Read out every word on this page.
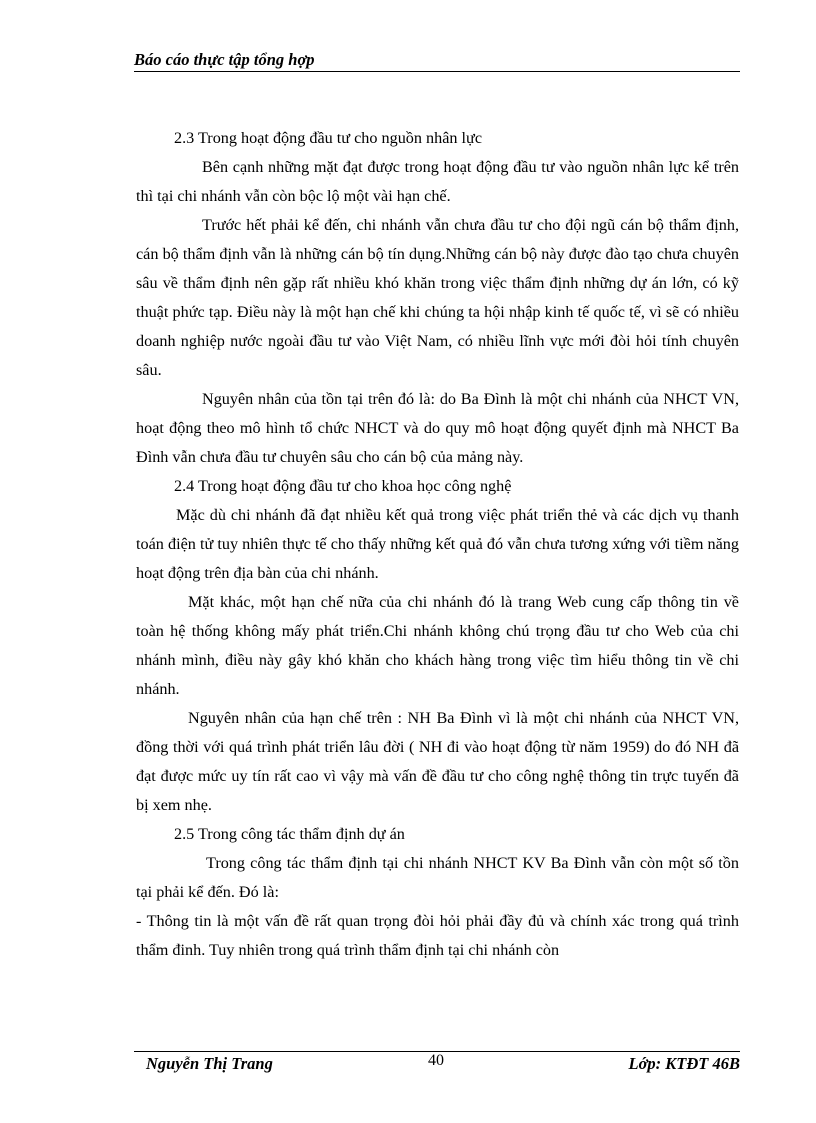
Báo cáo thực tập tổng hợp

2.3 Trong hoạt động đầu tư cho nguồn nhân lực

Bên cạnh những mặt đạt được trong hoạt động đầu tư vào nguồn nhân lực kể trên thì tại chi nhánh vẫn còn bộc lộ một vài hạn chế.

Trước hết phải kể đến, chi nhánh vẫn chưa đầu tư cho đội ngũ cán bộ thẩm định, cán bộ thẩm định vẫn là những cán bộ tín dụng.Những cán bộ này được đào tạo chưa chuyên sâu về thẩm định nên gặp rất nhiều khó khăn trong việc thẩm định những dự án lớn, có kỹ thuật phức tạp. Điều này là một hạn chế khi chúng ta hội nhập kinh tế quốc tế, vì sẽ có nhiều doanh nghiệp nước ngoài đầu tư vào Việt Nam, có nhiều lĩnh vực mới đòi hỏi tính chuyên sâu.

Nguyên nhân của tồn tại trên đó là: do Ba Đình là một chi nhánh của NHCT VN, hoạt động theo mô hình tổ chức NHCT và do quy mô hoạt động quyết định mà NHCT Ba Đình vẫn chưa đầu tư chuyên sâu cho cán bộ của mảng này.

2.4 Trong hoạt động đầu tư cho khoa học công nghệ

Mặc dù chi nhánh đã đạt nhiều kết quả trong việc phát triển thẻ và các dịch vụ thanh toán điện tử tuy nhiên thực tế cho thấy những kết quả đó vẫn chưa tương xứng với tiềm năng hoạt động trên địa bàn của chi nhánh.

Mặt khác, một hạn chế nữa của chi nhánh đó là trang Web cung cấp thông tin về toàn hệ thống không mấy phát triển.Chi nhánh không chú trọng đầu tư cho Web của chi nhánh mình, điều này gây khó khăn cho khách hàng trong việc tìm hiểu thông tin về chi nhánh.

Nguyên nhân của hạn chế trên : NH Ba Đình vì là một chi nhánh của NHCT VN, đồng thời với quá trình phát triển lâu đời ( NH đi vào hoạt động từ năm 1959) do đó NH đã đạt được mức uy tín rất cao vì vậy mà vấn đề đầu tư cho công nghệ thông tin trực tuyến đã bị xem nhẹ.

2.5 Trong công tác thẩm định dự án

Trong công tác thẩm định tại chi nhánh NHCT KV Ba Đình vẫn còn một số tồn tại phải kể đến. Đó là:

- Thông tin là một vấn đề rất quan trọng đòi hỏi phải đầy đủ và chính xác trong quá trình thẩm đinh. Tuy nhiên trong quá trình thẩm định tại chi nhánh còn

Nguyễn Thị Trang	40	Lớp: KTĐT 46B
